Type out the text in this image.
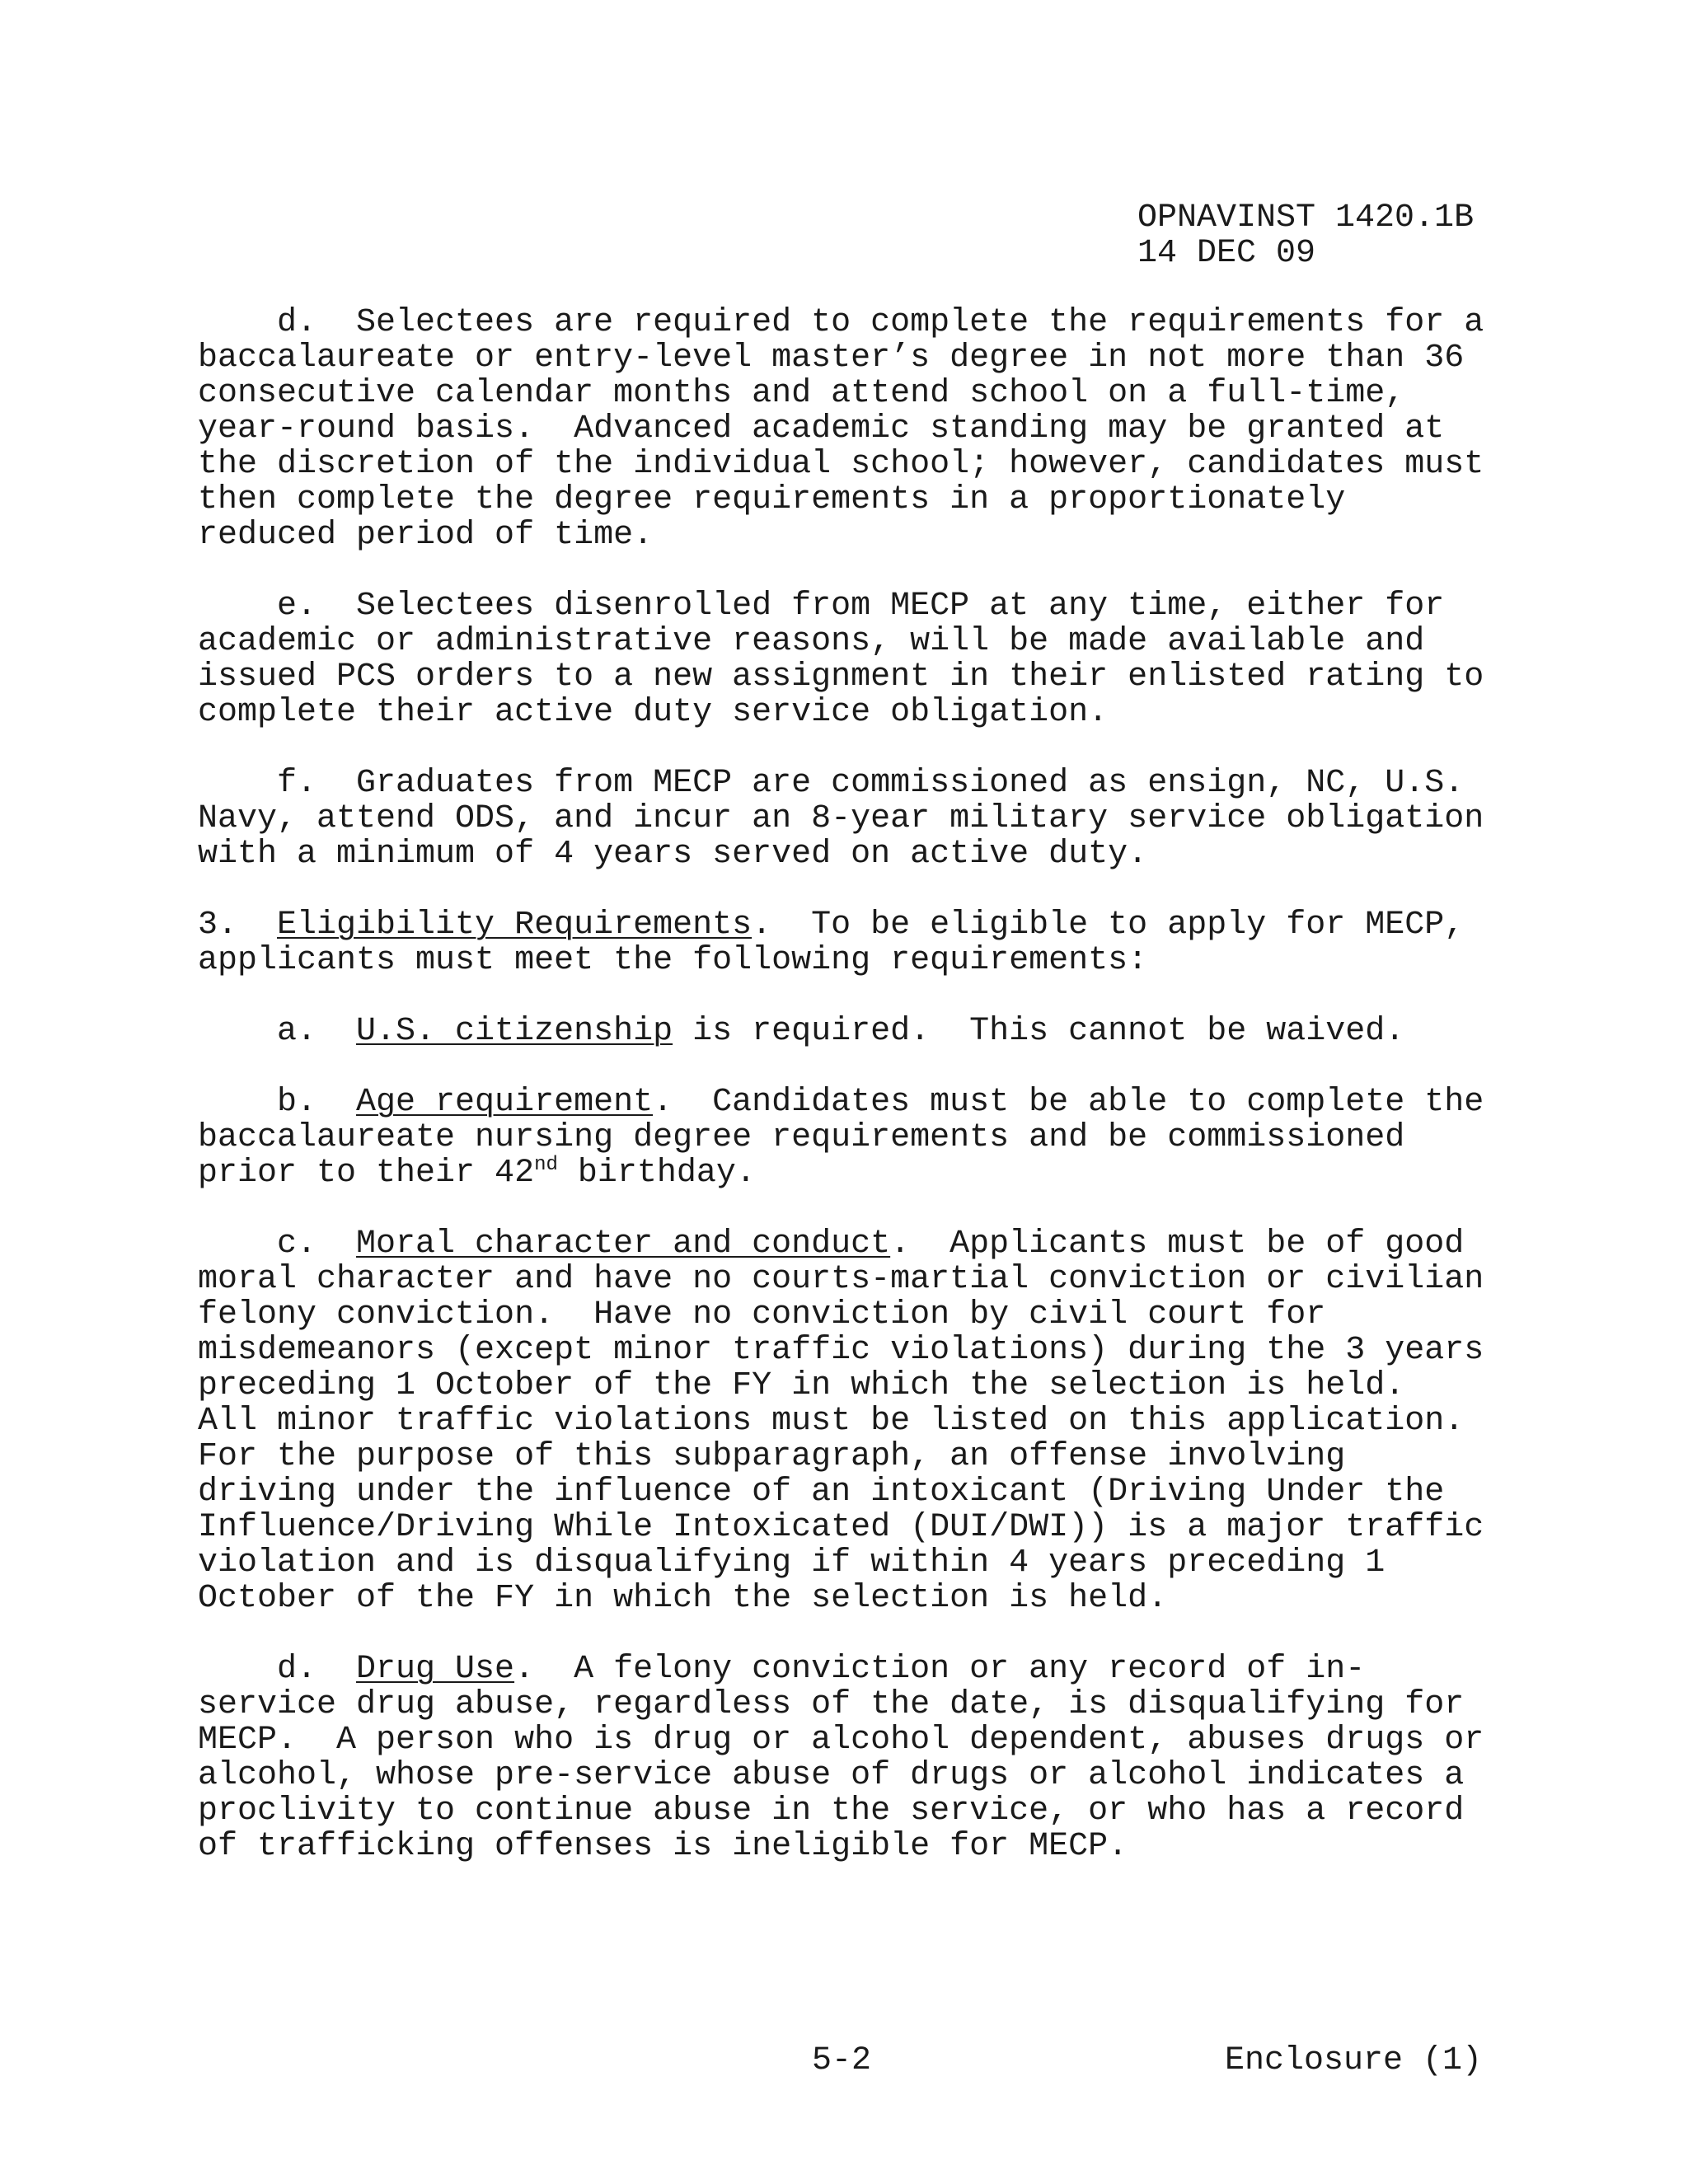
OPNAVINST 1420.1B
14 DEC 09
d.  Selectees are required to complete the requirements for a
baccalaureate or entry-level master’s degree in not more than 36
consecutive calendar months and attend school on a full-time,
year-round basis.  Advanced academic standing may be granted at
the discretion of the individual school; however, candidates must
then complete the degree requirements in a proportionately
reduced period of time.
e.  Selectees disenrolled from MECP at any time, either for
academic or administrative reasons, will be made available and
issued PCS orders to a new assignment in their enlisted rating to
complete their active duty service obligation.
f.  Graduates from MECP are commissioned as ensign, NC, U.S.
Navy, attend ODS, and incur an 8-year military service obligation
with a minimum of 4 years served on active duty.
3.  Eligibility Requirements.  To be eligible to apply for MECP,
applicants must meet the following requirements:
a.  U.S. citizenship is required.  This cannot be waived.
b.  Age requirement.  Candidates must be able to complete the
baccalaureate nursing degree requirements and be commissioned
prior to their 42nd birthday.
c.  Moral character and conduct.  Applicants must be of good
moral character and have no courts-martial conviction or civilian
felony conviction.  Have no conviction by civil court for
misdemeanors (except minor traffic violations) during the 3 years
preceding 1 October of the FY in which the selection is held.
All minor traffic violations must be listed on this application.
For the purpose of this subparagraph, an offense involving
driving under the influence of an intoxicant (Driving Under the
Influence/Driving While Intoxicated (DUI/DWI)) is a major traffic
violation and is disqualifying if within 4 years preceding 1
October of the FY in which the selection is held.
d.  Drug Use.  A felony conviction or any record of in-
service drug abuse, regardless of the date, is disqualifying for
MECP.  A person who is drug or alcohol dependent, abuses drugs or
alcohol, whose pre-service abuse of drugs or alcohol indicates a
proclivity to continue abuse in the service, or who has a record
of trafficking offenses is ineligible for MECP.
5-2	Enclosure (1)
